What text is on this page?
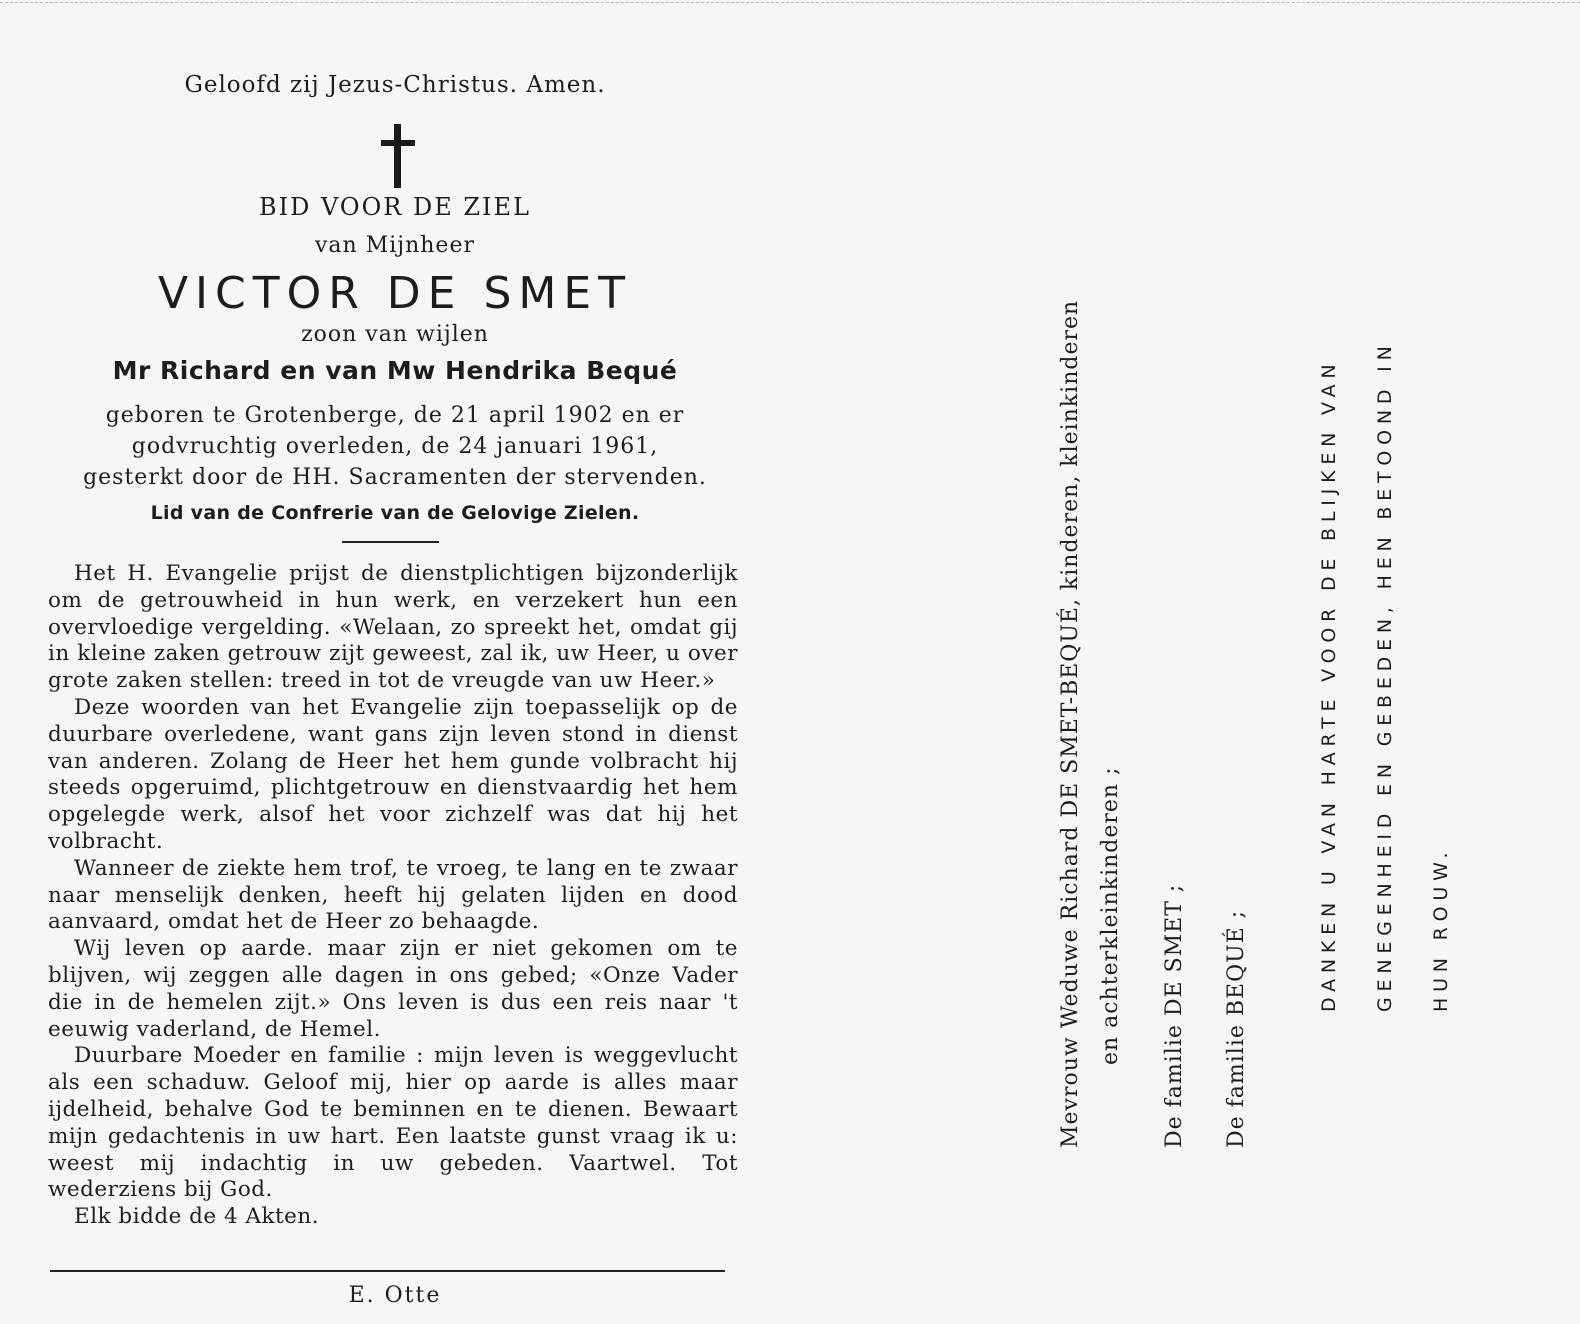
Geloofd zij Jezus-Christus. Amen.
BID VOOR DE ZIEL
van Mijnheer
VICTOR DE SMET
zoon van wijlen
Mr Richard en van Mw Hendrika Bequé
geboren te Grotenberge, de 21 april 1902 en er
godvruchtig overleden, de 24 januari 1961,
gesterkt door de HH. Sacramenten der stervenden.
Lid van de Confrerie van de Gelovige Zielen.

Het H. Evangelie prijst de dienstplichtigen bijzonderlijk om de getrouwheid in hun werk, en verzekert hun een overvloedige vergelding. «Welaan, zo spreekt het, omdat gij in kleine zaken getrouw zijt geweest, zal ik, uw Heer, u over grote zaken stellen: treed in tot de vreugde van uw Heer.»

Deze woorden van het Evangelie zijn toepasselijk op de duurbare overledene, want gans zijn leven stond in dienst van anderen. Zolang de Heer het hem gunde volbracht hij steeds opgeruimd, plichtgetrouw en dienstvaardig het hem opgelegde werk, alsof het voor zichzelf was dat hij het volbracht.

Wanneer de ziekte hem trof, te vroeg, te lang en te zwaar naar menselijk denken, heeft hij gelaten lijden en dood aanvaard, omdat het de Heer zo behaagde.

Wij leven op aarde. maar zijn er niet gekomen om te blijven, wij zeggen alle dagen in ons gebed; «Onze Vader die in de hemelen zijt.» Ons leven is dus een reis naar 't eeuwig vaderland, de Hemel.

Duurbare Moeder en familie : mijn leven is weggevlucht als een schaduw. Geloof mij, hier op aarde is alles maar ijdelheid, behalve God te beminnen en te dienen. Bewaart mijn gedachtenis in uw hart. Een laatste gunst vraag ik u: weest mij indachtig in uw gebeden. Vaartwel. Tot wederziens bij God.

Elk bidde de 4 Akten.

E. Otte
Mevrouw Weduwe Richard DE SMET-BEQUÉ, kinderen, kleinkinderen en achterkleinkinderen ; De familie DE SMET ; De familie BEQUÉ ;
DANKEN U VAN HARTE VOOR DE BLIJKEN VAN GENEGENHEID EN GEBEDEN, HEN BETOOND IN HUN ROUW.
